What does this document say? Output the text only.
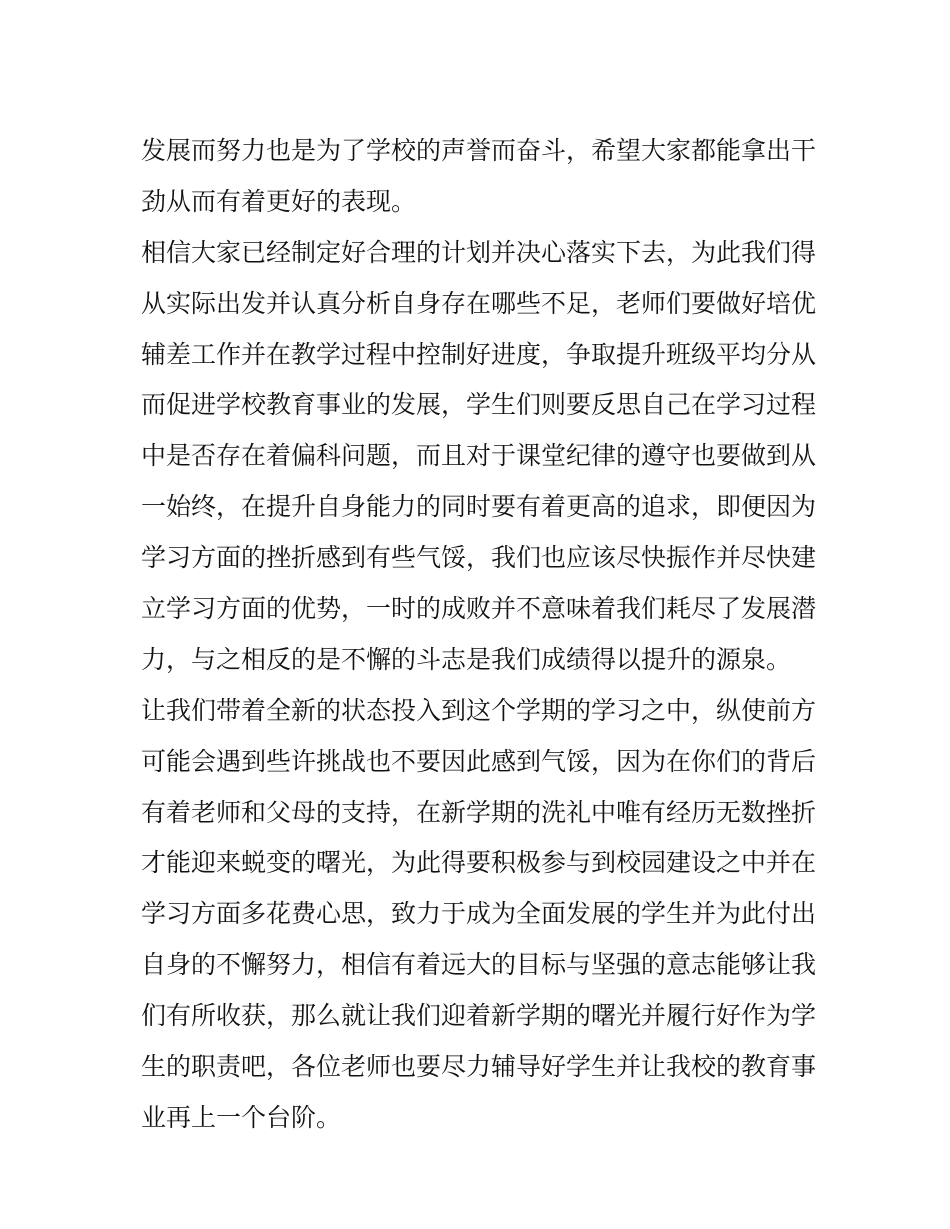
发展而努力也是为了学校的声誉而奋斗，希望大家都能拿出干
劲从而有着更好的表现。
相信大家已经制定好合理的计划并决心落实下去，为此我们得
从实际出发并认真分析自身存在哪些不足，老师们要做好培优
辅差工作并在教学过程中控制好进度，争取提升班级平均分从
而促进学校教育事业的发展，学生们则要反思自己在学习过程
中是否存在着偏科问题，而且对于课堂纪律的遵守也要做到从
一始终，在提升自身能力的同时要有着更高的追求，即便因为
学习方面的挫折感到有些气馁，我们也应该尽快振作并尽快建
立学习方面的优势，一时的成败并不意味着我们耗尽了发展潜
力，与之相反的是不懈的斗志是我们成绩得以提升的源泉。
让我们带着全新的状态投入到这个学期的学习之中，纵使前方
可能会遇到些许挑战也不要因此感到气馁，因为在你们的背后
有着老师和父母的支持，在新学期的洗礼中唯有经历无数挫折
才能迎来蜕变的曙光，为此得要积极参与到校园建设之中并在
学习方面多花费心思，致力于成为全面发展的学生并为此付出
自身的不懈努力，相信有着远大的目标与坚强的意志能够让我
们有所收获，那么就让我们迎着新学期的曙光并履行好作为学
生的职责吧，各位老师也要尽力辅导好学生并让我校的教育事
业再上一个台阶。
